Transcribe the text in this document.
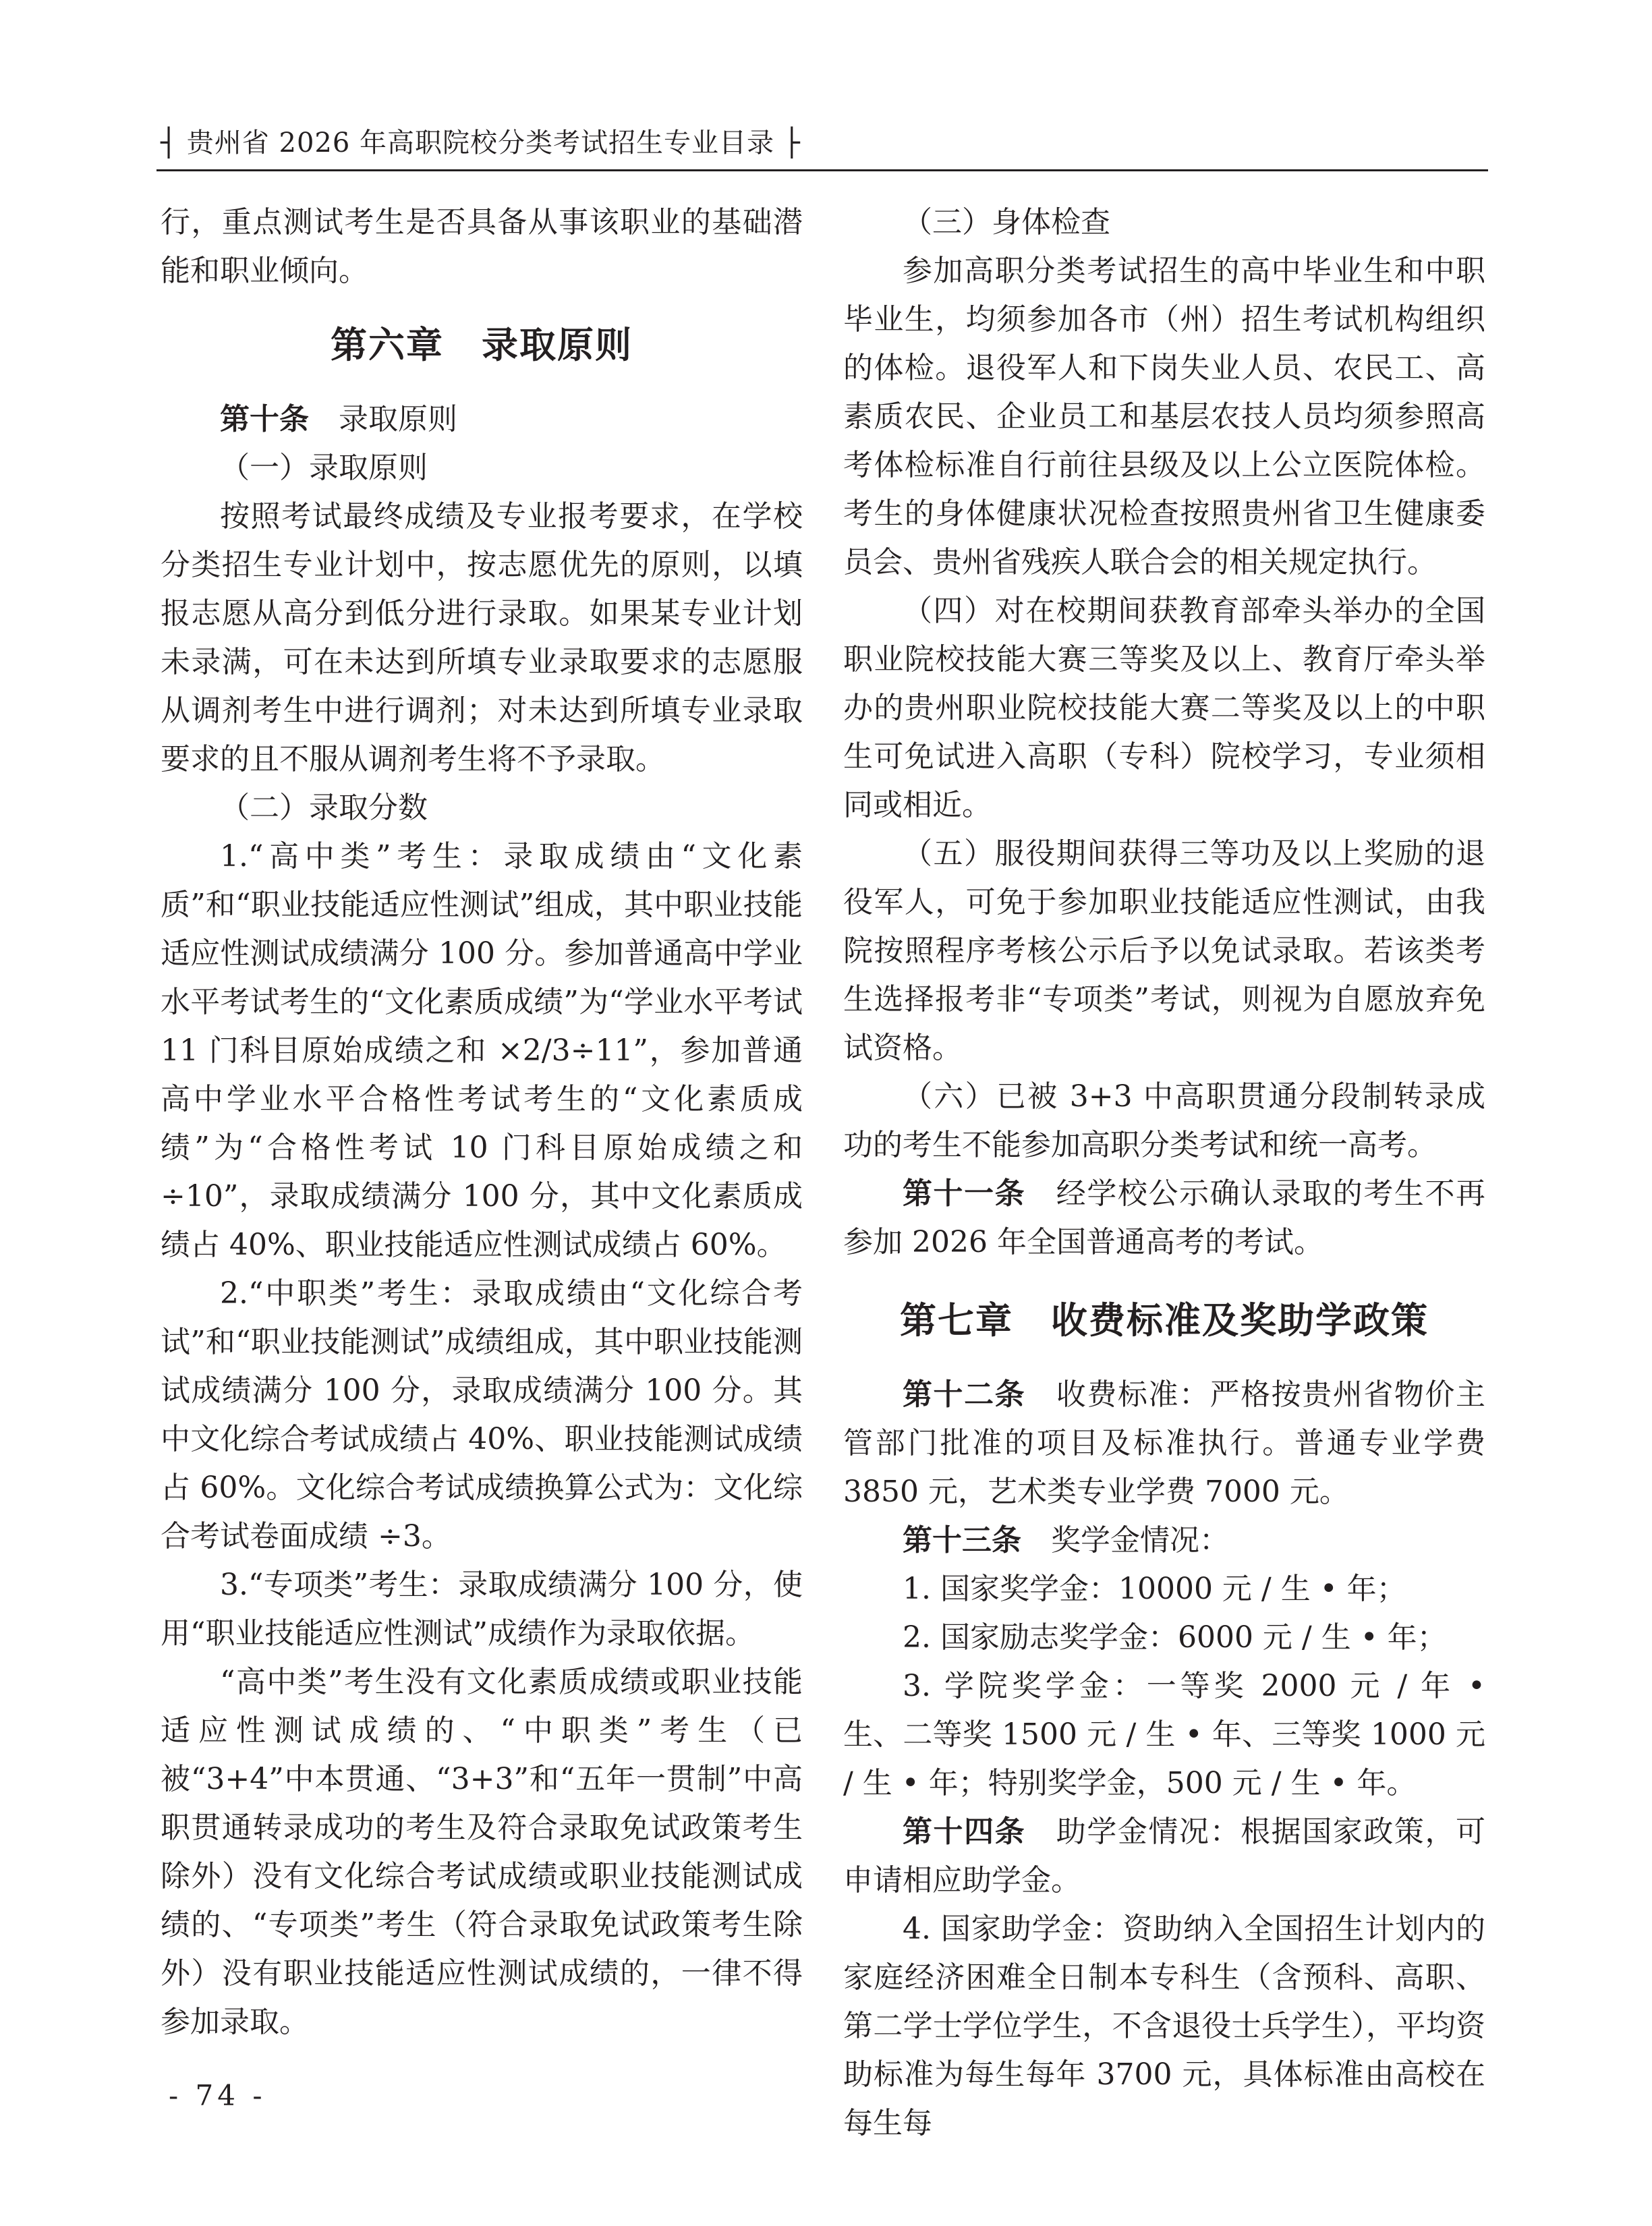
┤ 贵州省 2026 年高职院校分类考试招生专业目录 ├

行，重点测试考生是否具备从事该职业的基础潜能和职业倾向。

第六章　录取原则

第十条　录取原则

（一）录取原则

按照考试最终成绩及专业报考要求，在学校分类招生专业计划中，按志愿优先的原则，以填报志愿从高分到低分进行录取。如果某专业计划未录满，可在未达到所填专业录取要求的志愿服从调剂考生中进行调剂；对未达到所填专业录取要求的且不服从调剂考生将不予录取。

（二）录取分数

1.“高中类”考生：录取成绩由“文化素质”和“职业技能适应性测试”组成，其中职业技能适应性测试成绩满分 100 分。参加普通高中学业水平考试考生的“文化素质成绩”为“学业水平考试 11 门科目原始成绩之和 ×2/3÷11”，参加普通高中学业水平合格性考试考生的“文化素质成绩”为“合格性考试 10 门科目原始成绩之和 ÷10”，录取成绩满分 100 分，其中文化素质成绩占 40%、职业技能适应性测试成绩占 60%。

2.“中职类”考生：录取成绩由“文化综合考试”和“职业技能测试”成绩组成，其中职业技能测试成绩满分 100 分，录取成绩满分 100 分。其中文化综合考试成绩占 40%、职业技能测试成绩占 60%。文化综合考试成绩换算公式为：文化综合考试卷面成绩 ÷3。

3.“专项类”考生：录取成绩满分 100 分，使用“职业技能适应性测试”成绩作为录取依据。

“高中类”考生没有文化素质成绩或职业技能适应性测试成绩的、“中职类”考生（已被“3+4”中本贯通、“3+3”和“五年一贯制”中高职贯通转录成功的考生及符合录取免试政策考生除外）没有文化综合考试成绩或职业技能测试成绩的、“专项类”考生（符合录取免试政策考生除外）没有职业技能适应性测试成绩的，一律不得参加录取。

（三）身体检查

参加高职分类考试招生的高中毕业生和中职毕业生，均须参加各市（州）招生考试机构组织的体检。退役军人和下岗失业人员、农民工、高素质农民、企业员工和基层农技人员均须参照高考体检标准自行前往县级及以上公立医院体检。考生的身体健康状况检查按照贵州省卫生健康委员会、贵州省残疾人联合会的相关规定执行。

（四）对在校期间获教育部牵头举办的全国职业院校技能大赛三等奖及以上、教育厅牵头举办的贵州职业院校技能大赛二等奖及以上的中职生可免试进入高职（专科）院校学习，专业须相同或相近。

（五）服役期间获得三等功及以上奖励的退役军人，可免于参加职业技能适应性测试，由我院按照程序考核公示后予以免试录取。若该类考生选择报考非“专项类”考试，则视为自愿放弃免试资格。

（六）已被 3+3 中高职贯通分段制转录成功的考生不能参加高职分类考试和统一高考。

第十一条　经学校公示确认录取的考生不再参加 2026 年全国普通高考的考试。

第七章　收费标准及奖助学政策

第十二条　收费标准：严格按贵州省物价主管部门批准的项目及标准执行。普通专业学费 3850 元，艺术类专业学费 7000 元。

第十三条　奖学金情况：

1. 国家奖学金：10000 元 / 生 • 年；

2. 国家励志奖学金：6000 元 / 生 • 年；

3. 学院奖学金：一等奖 2000 元 / 年 • 生、二等奖 1500 元 / 生 • 年、三等奖 1000 元 / 生 • 年；特别奖学金，500 元 / 生 • 年。

第十四条　助学金情况：根据国家政策，可申请相应助学金。

4. 国家助学金：资助纳入全国招生计划内的家庭经济困难全日制本专科生（含预科、高职、第二学士学位学生，不含退役士兵学生），平均资助标准为每生每年 3700 元，具体标准由高校在每生每

- 74 -
